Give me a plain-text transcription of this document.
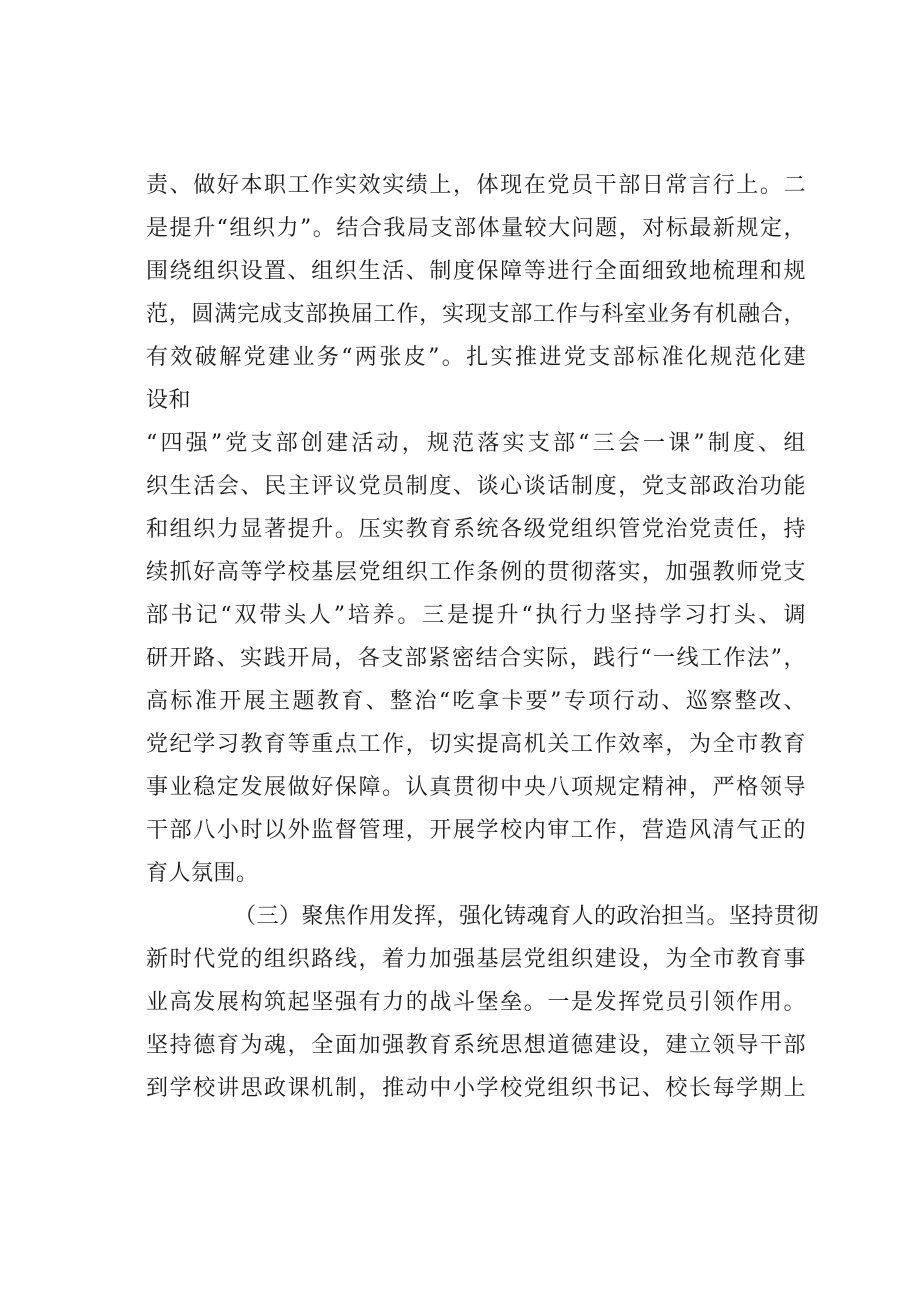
责、做好本职工作实效实绩上，体现在党员干部日常言行上。二
是提升“组织力”。结合我局支部体量较大问题，对标最新规定，
围绕组织设置、组织生活、制度保障等进行全面细致地梳理和规
范，圆满完成支部换届工作，实现支部工作与科室业务有机融合，
有效破解党建业务“两张皮”。扎实推进党支部标准化规范化建
设和
“四强”党支部创建活动，规范落实支部“三会一课”制度、组
织生活会、民主评议党员制度、谈心谈话制度，党支部政治功能
和组织力显著提升。压实教育系统各级党组织管党治党责任，持
续抓好高等学校基层党组织工作条例的贯彻落实，加强教师党支
部书记“双带头人”培养。三是提升“执行力坚持学习打头、调
研开路、实践开局，各支部紧密结合实际，践行“一线工作法”，
高标准开展主题教育、整治“吃拿卡要”专项行动、巡察整改、
党纪学习教育等重点工作，切实提高机关工作效率，为全市教育
事业稳定发展做好保障。认真贯彻中央八项规定精神，严格领导
干部八小时以外监督管理，开展学校内审工作，营造风清气正的
育人氛围。
（三）聚焦作用发挥，强化铸魂育人的政治担当。坚持贯彻
新时代党的组织路线，着力加强基层党组织建设，为全市教育事
业高发展构筑起坚强有力的战斗堡垒。一是发挥党员引领作用。
坚持德育为魂，全面加强教育系统思想道德建设，建立领导干部
到学校讲思政课机制，推动中小学校党组织书记、校长每学期上
